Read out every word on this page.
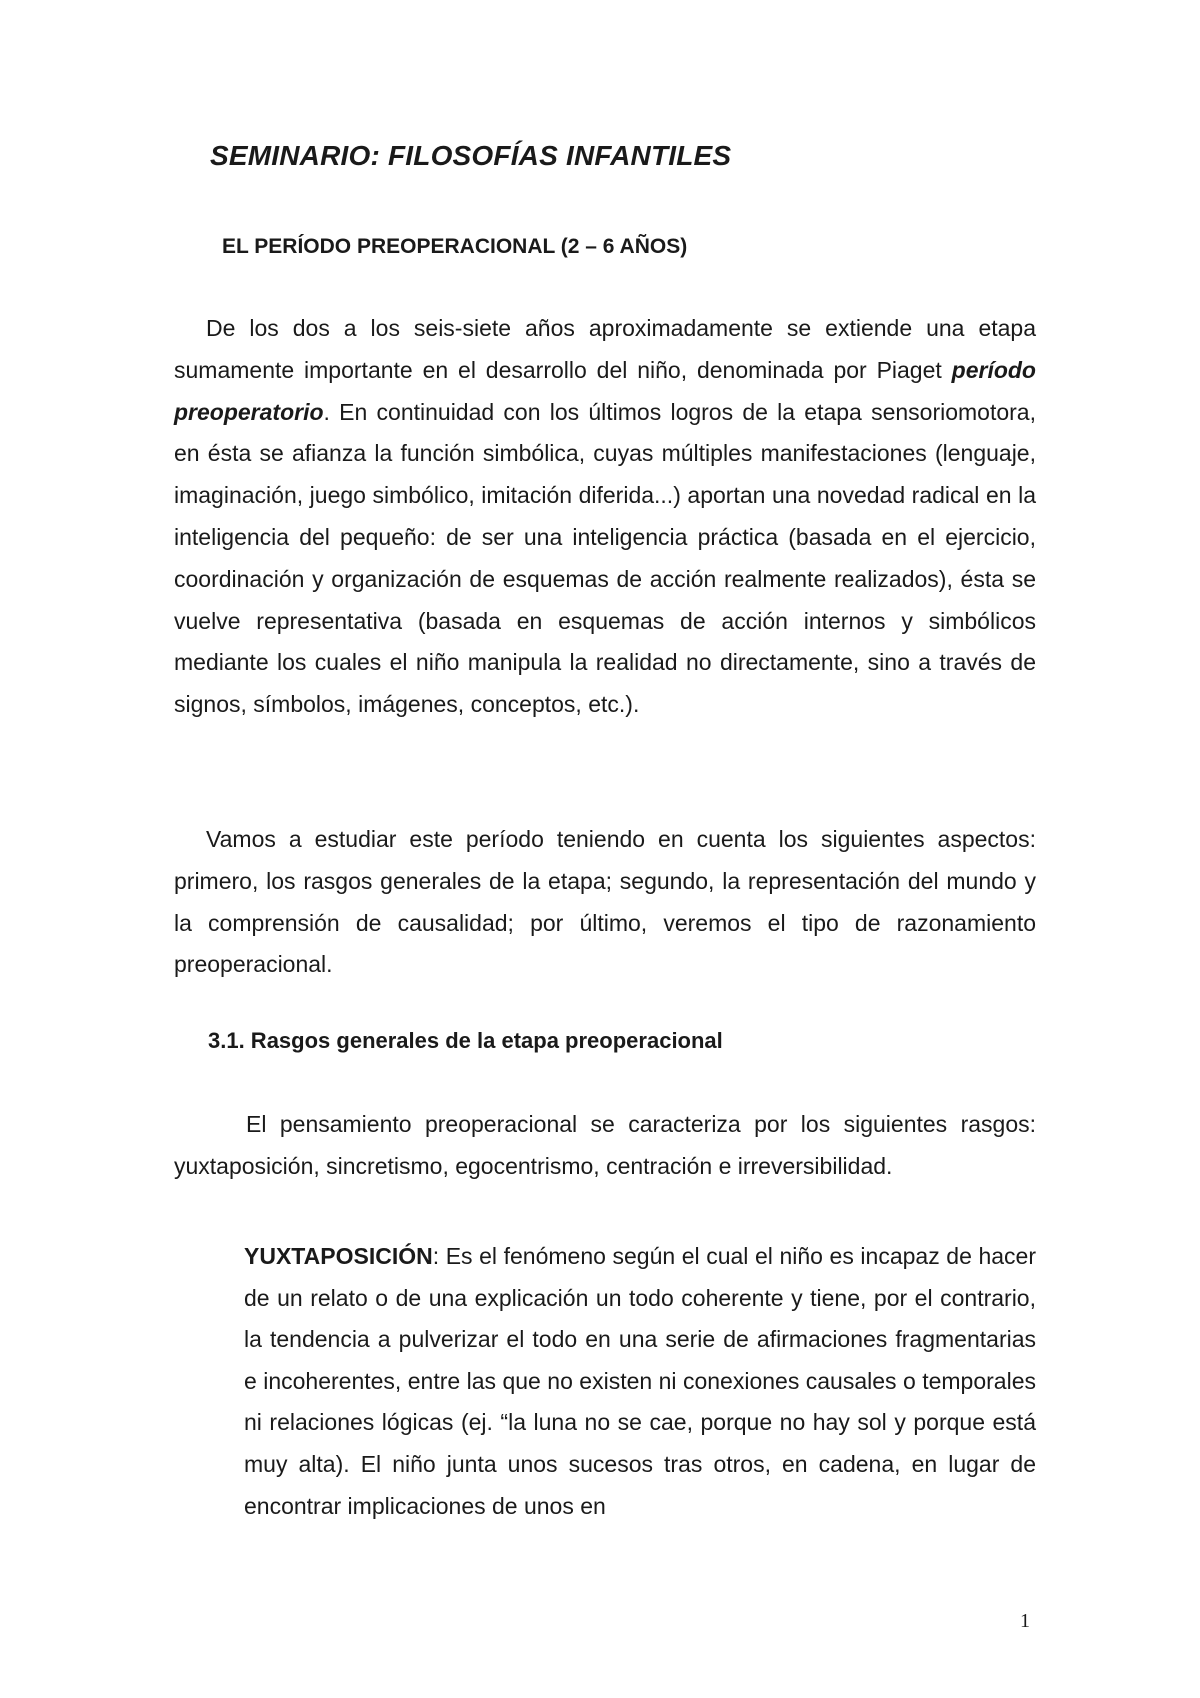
SEMINARIO: FILOSOFÍAS INFANTILES
EL PERÍODO PREOPERACIONAL (2 – 6 AÑOS)

De los dos a los seis-siete años aproximadamente se extiende una etapa sumamente importante en el desarrollo del niño, denominada por Piaget período preoperatorio. En continuidad con los últimos logros de la etapa sensoriomotora, en ésta se afianza la función simbólica, cuyas múltiples manifestaciones (lenguaje, imaginación, juego simbólico, imitación diferida...) aportan una novedad radical en la inteligencia del pequeño: de ser una inteligencia práctica (basada en el ejercicio, coordinación y organización de esquemas de acción realmente realizados), ésta se vuelve representativa (basada en esquemas de acción internos y simbólicos mediante los cuales el niño manipula la realidad no directamente, sino a través de signos, símbolos, imágenes, conceptos, etc.).

Vamos a estudiar este período teniendo en cuenta los siguientes aspectos: primero, los rasgos generales de la etapa; segundo, la representación del mundo y la comprensión de causalidad; por último, veremos el tipo de razonamiento preoperacional.

3.1. Rasgos generales de la etapa preoperacional

El pensamiento preoperacional se caracteriza por los siguientes rasgos: yuxtaposición, sincretismo, egocentrismo, centración e irreversibilidad.

YUXTAPOSICIÓN: Es el fenómeno según el cual el niño es incapaz de hacer de un relato o de una explicación un todo coherente y tiene, por el contrario, la tendencia a pulverizar el todo en una serie de afirmaciones fragmentarias e incoherentes, entre las que no existen ni conexiones causales o temporales ni relaciones lógicas (ej. “la luna no se cae, porque no hay sol y porque está muy alta). El niño junta unos sucesos tras otros, en cadena, en lugar de encontrar implicaciones de unos en

1
